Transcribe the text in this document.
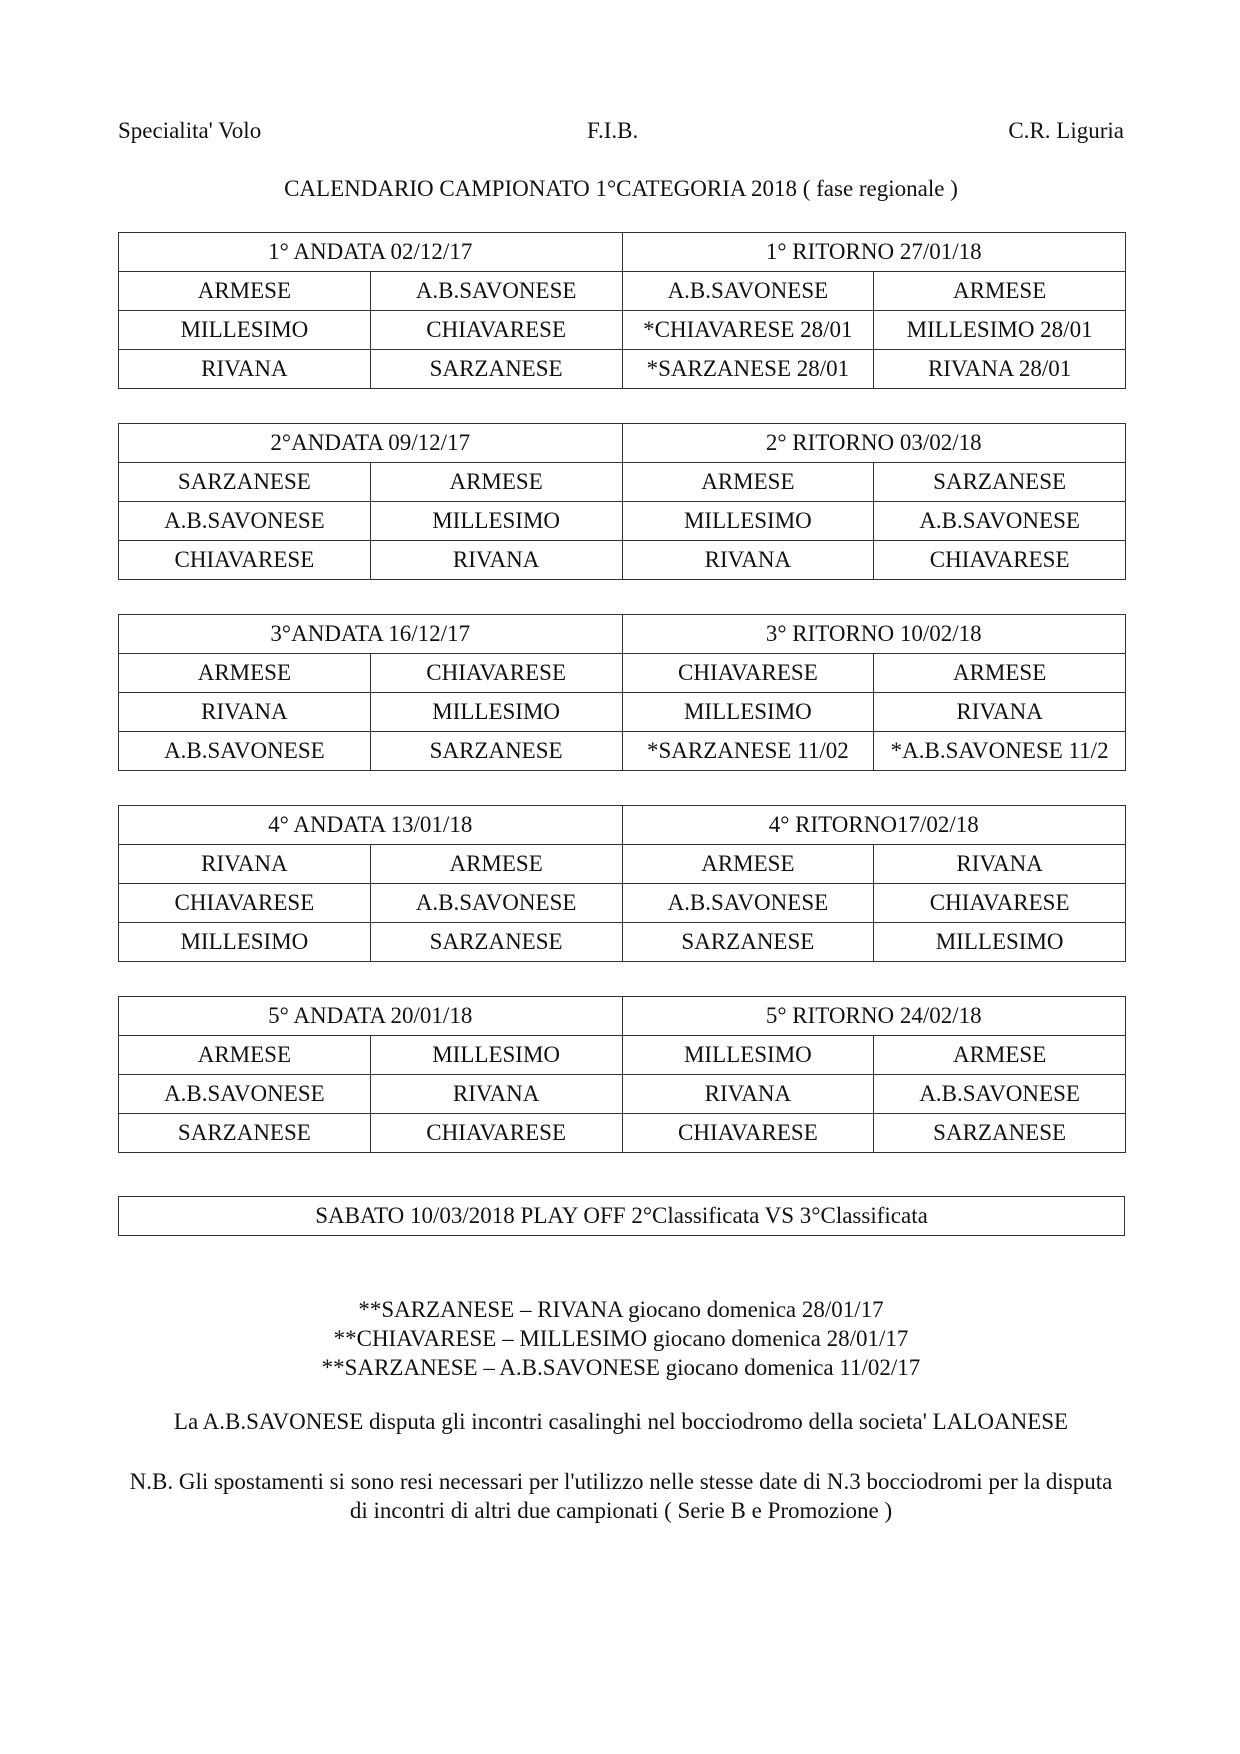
Specialita' Volo	F.I.B.	C.R. Liguria
CALENDARIO CAMPIONATO 1°CATEGORIA 2018 ( fase regionale )
1° ANDATA 02/12/17		1° RITORNO 27/01/18	
ARMESE	A.B.SAVONESE	A.B.SAVONESE	ARMESE
MILLESIMO	CHIAVARESE	*CHIAVARESE 28/01	MILLESIMO 28/01
RIVANA	SARZANESE	*SARZANESE 28/01	RIVANA 28/01
2°ANDATA 09/12/17		2° RITORNO 03/02/18	
SARZANESE	ARMESE	ARMESE	SARZANESE
A.B.SAVONESE	MILLESIMO	MILLESIMO	A.B.SAVONESE
CHIAVARESE	RIVANA	RIVANA	CHIAVARESE
3°ANDATA 16/12/17		3° RITORNO 10/02/18	
ARMESE	CHIAVARESE	CHIAVARESE	ARMESE
RIVANA	MILLESIMO	MILLESIMO	RIVANA
A.B.SAVONESE	SARZANESE	*SARZANESE 11/02	*A.B.SAVONESE 11/2
4° ANDATA 13/01/18		4° RITORNO17/02/18	
RIVANA	ARMESE	ARMESE	RIVANA
CHIAVARESE	A.B.SAVONESE	A.B.SAVONESE	CHIAVARESE
MILLESIMO	SARZANESE	SARZANESE	MILLESIMO
5° ANDATA 20/01/18		5° RITORNO 24/02/18	
ARMESE	MILLESIMO	MILLESIMO	ARMESE
A.B.SAVONESE	RIVANA	RIVANA	A.B.SAVONESE
SARZANESE	CHIAVARESE	CHIAVARESE	SARZANESE
SABATO 10/03/2018 PLAY OFF 2°Classificata VS 3°Classificata

**SARZANESE – RIVANA giocano domenica 28/01/17

**CHIAVARESE – MILLESIMO giocano domenica 28/01/17

**SARZANESE – A.B.SAVONESE giocano domenica 11/02/17

La A.B.SAVONESE disputa gli incontri casalinghi nel bocciodromo della societa' LALOANESE
N.B. Gli spostamenti si sono resi necessari per l'utilizzo nelle stesse date di N.3 bocciodromi per la disputa di incontri di altri due campionati ( Serie B e Promozione )
